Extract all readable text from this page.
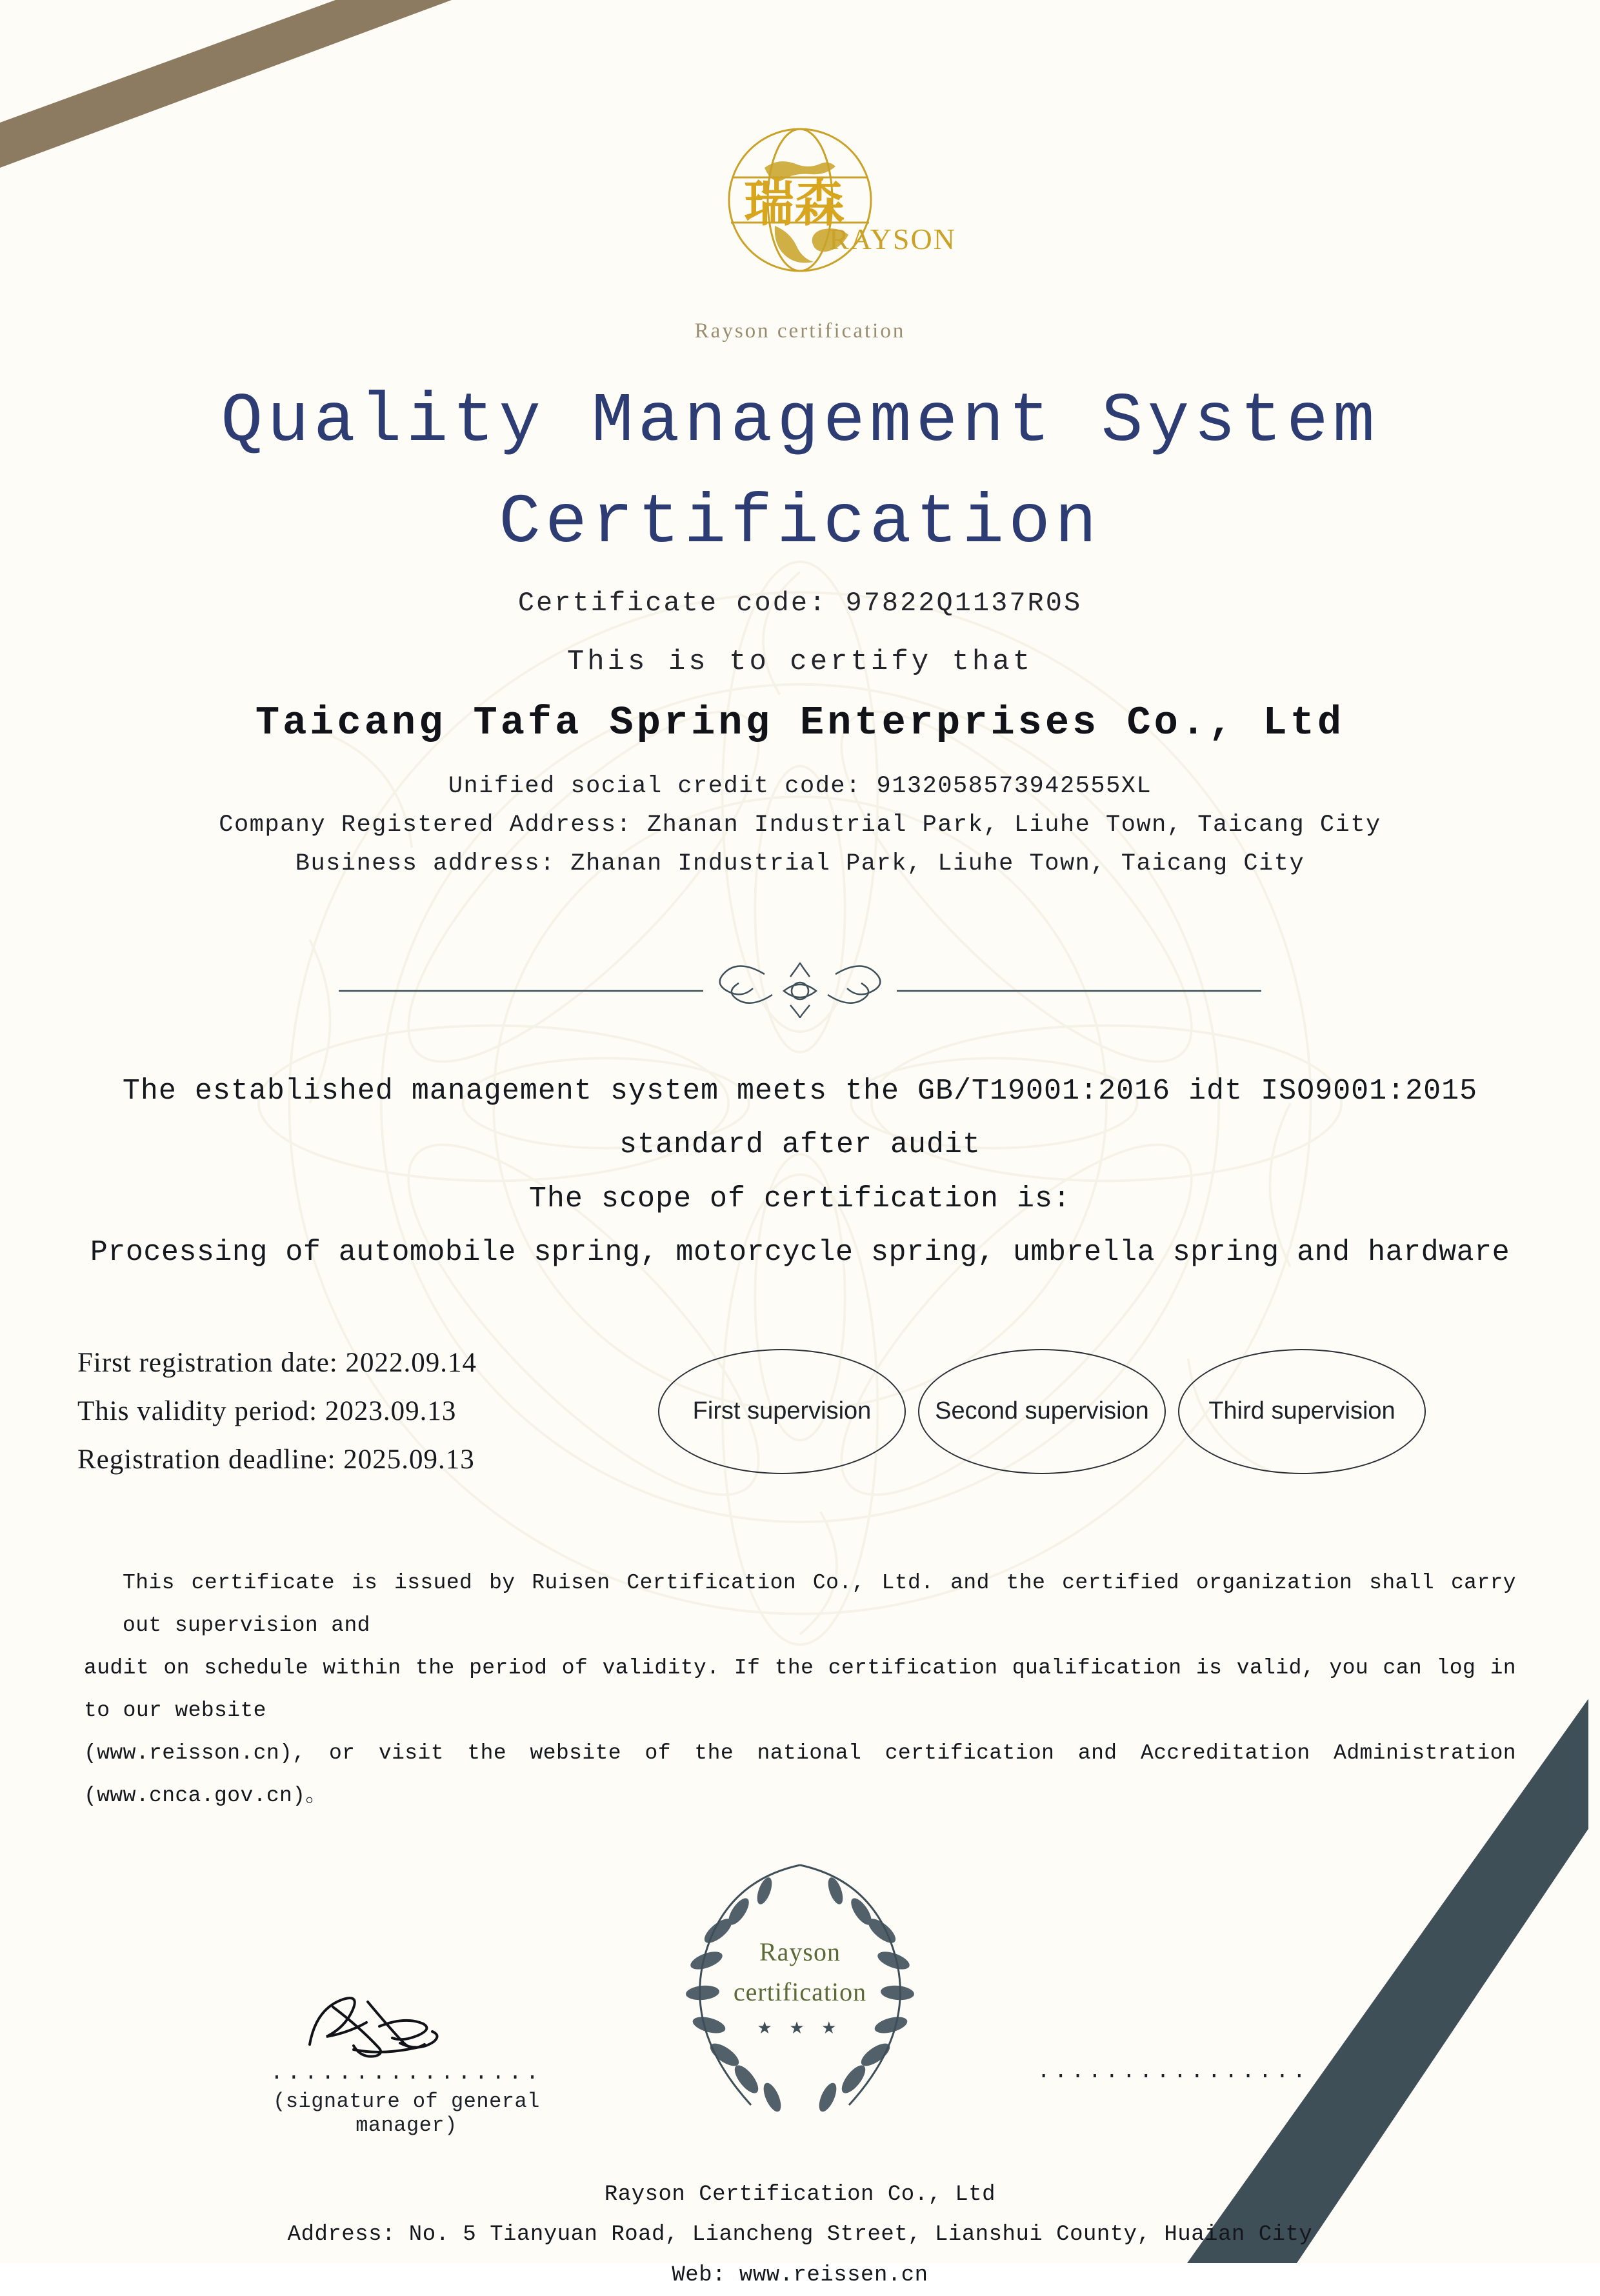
瑞森
RAYSON
Rayson certification
Quality Management System
Certification
Certificate code: 97822Q1137R0S
This is to certify that
Taicang Tafa Spring Enterprises Co., Ltd
Unified social credit code: 9132058573942555XL
Company Registered Address: Zhanan Industrial Park, Liuhe Town, Taicang City
Business address: Zhanan Industrial Park, Liuhe Town, Taicang City
The established management system meets the GB/T19001:2016 idt ISO9001:2015
standard after audit
The scope of certification is:
Processing of automobile spring, motorcycle spring, umbrella spring and hardware
First registration date: 2022.09.14
This validity period: 2023.09.13
Registration deadline: 2025.09.13
First supervision	Second supervision	Third supervision
This certificate is issued by Ruisen Certification Co., Ltd. and the certified organization shall carry out supervision and
audit on schedule within the period of validity. If the certification qualification is valid, you can log in to our website
(www.reisson.cn), or visit the website of the national certification and Accreditation Administration (www.cnca.gov.cn)。
Rayson
certification
★ ★ ★
................
(signature of general manager)
................
Rayson Certification Co., Ltd
Address: No. 5 Tianyuan Road, Liancheng Street, Lianshui County, Huaian City
Web: www.reissen.cn
